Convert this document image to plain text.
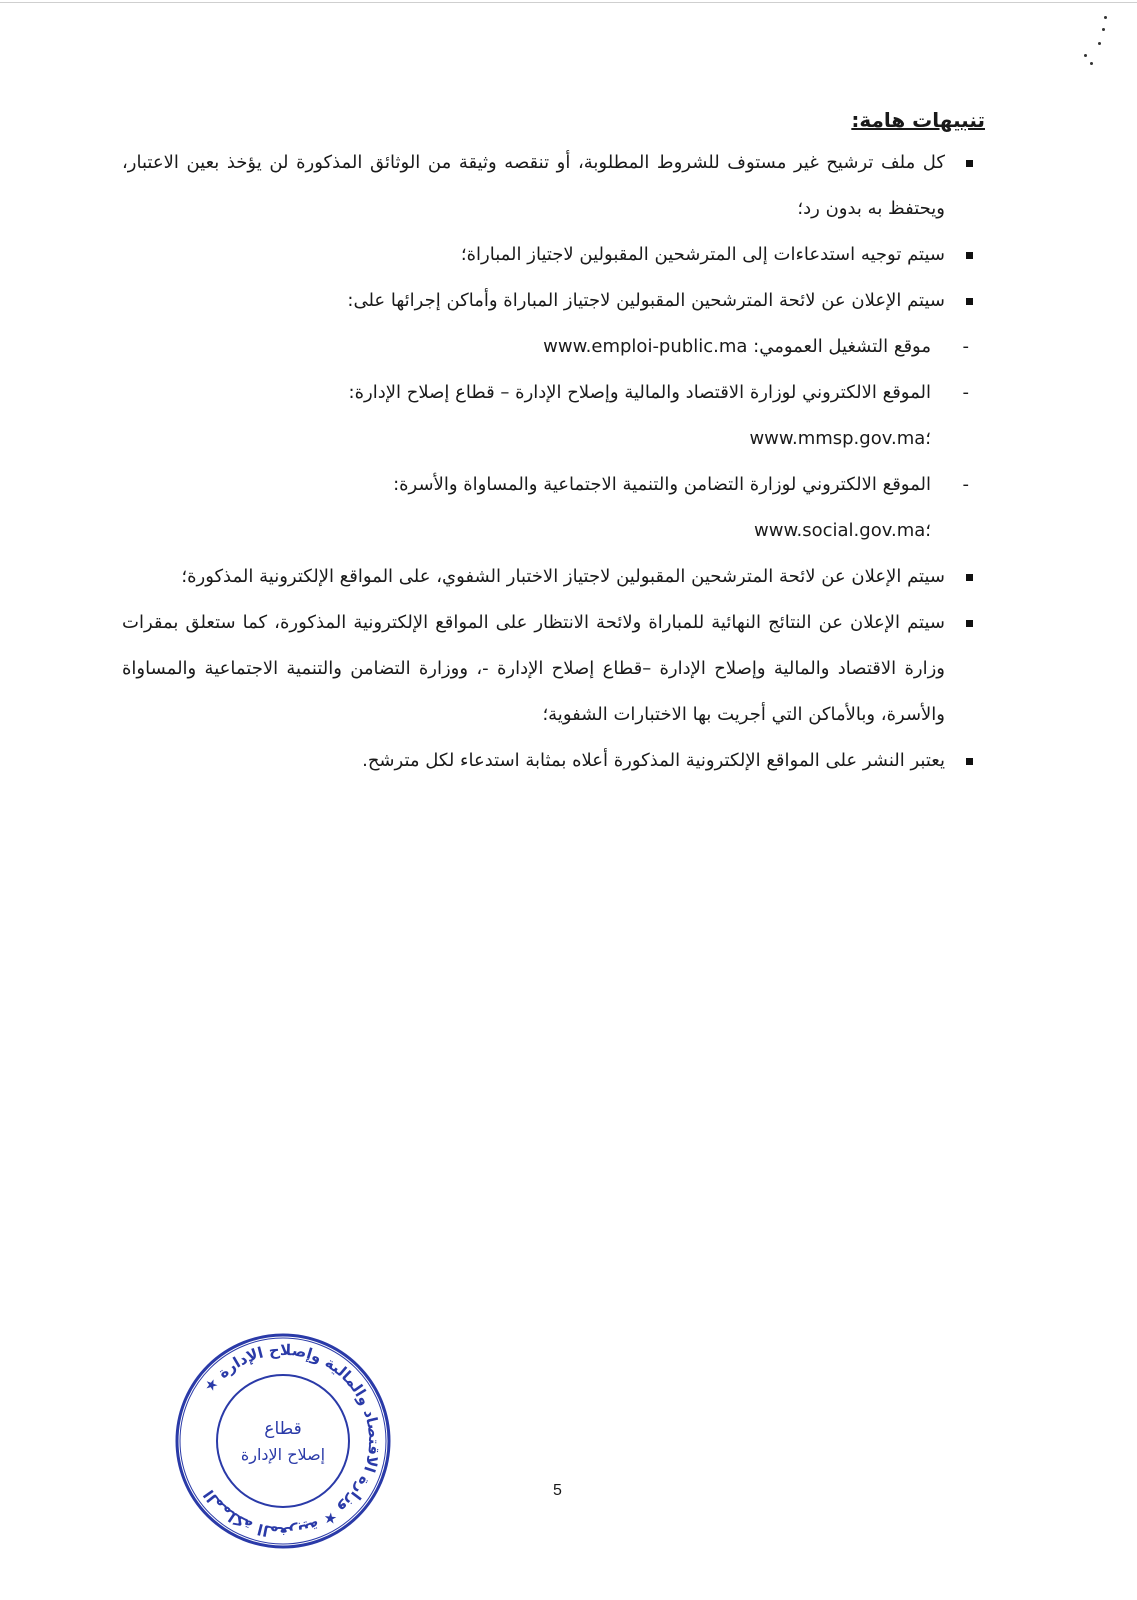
تنبيهات هامة:
كل ملف ترشيح غير مستوف للشروط المطلوبة، أو تنقصه وثيقة من الوثائق المذكورة لن يؤخذ بعين الاعتبار، ويحتفظ به بدون رد؛
سيتم توجيه استدعاءات إلى المترشحين المقبولين لاجتياز المباراة؛
سيتم الإعلان عن لائحة المترشحين المقبولين لاجتياز المباراة وأماكن إجرائها على:
-
موقع التشغيل العمومي: www.emploi-public.ma
-
الموقع الالكتروني لوزارة الاقتصاد والمالية وإصلاح الإدارة – قطاع إصلاح الإدارة:
www.mmsp.gov.ma؛
-
الموقع الالكتروني لوزارة التضامن والتنمية الاجتماعية والمساواة والأسرة:
www.social.gov.ma؛
سيتم الإعلان عن لائحة المترشحين المقبولين لاجتياز الاختبار الشفوي، على المواقع الإلكترونية المذكورة؛
سيتم الإعلان عن النتائج النهائية للمباراة ولائحة الانتظار على المواقع الإلكترونية المذكورة، كما ستعلق بمقرات وزارة الاقتصاد والمالية وإصلاح الإدارة –قطاع إصلاح الإدارة -، ووزارة التضامن والتنمية الاجتماعية والمساواة والأسرة، وبالأماكن التي أجريت بها الاختبارات الشفوية؛
يعتبر النشر على المواقع الإلكترونية المذكورة أعلاه بمثابة استدعاء لكل مترشح.
المملكة المغربية ★ وزارة الاقتصاد والمالية وإصلاح الإدارة ★
قطاع
إصلاح الإدارة
5
